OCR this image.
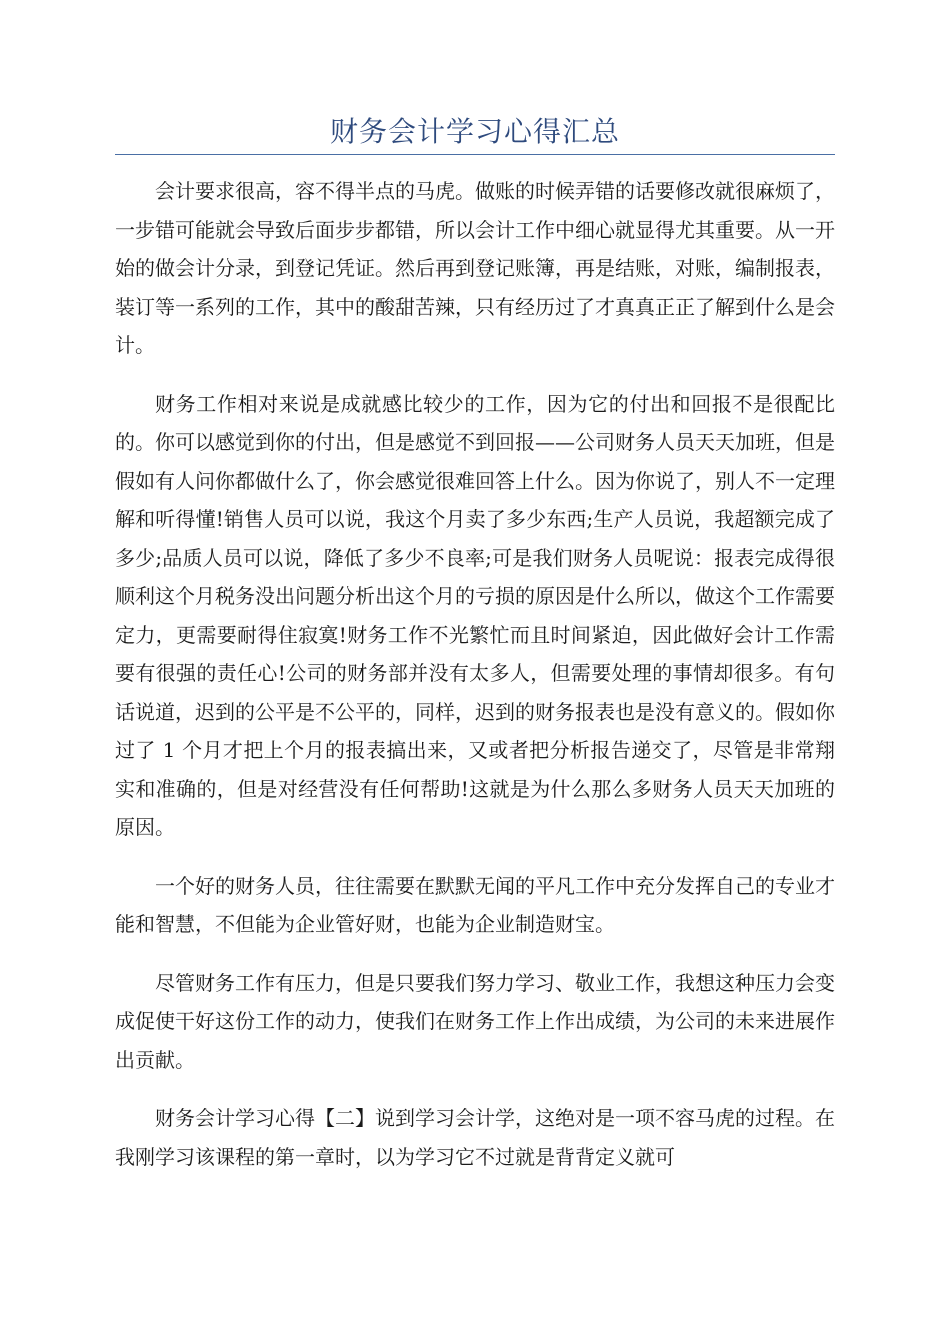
财务会计学习心得汇总

会计要求很高，容不得半点的马虎。做账的时候弄错的话要修改就很麻烦了，一步错可能就会导致后面步步都错，所以会计工作中细心就显得尤其重要。从一开始的做会计分录，到登记凭证。然后再到登记账簿，再是结账，对账，编制报表，装订等一系列的工作，其中的酸甜苦辣，只有经历过了才真真正正了解到什么是会计。

财务工作相对来说是成就感比较少的工作，因为它的付出和回报不是很配比的。你可以感觉到你的付出，但是感觉不到回报——公司财务人员天天加班，但是假如有人问你都做什么了，你会感觉很难回答上什么。因为你说了，别人不一定理解和听得懂!销售人员可以说，我这个月卖了多少东西;生产人员说，我超额完成了多少;品质人员可以说，降低了多少不良率;可是我们财务人员呢说：报表完成得很顺利这个月税务没出问题分析出这个月的亏损的原因是什么所以，做这个工作需要定力，更需要耐得住寂寞!财务工作不光繁忙而且时间紧迫，因此做好会计工作需要有很强的责任心!公司的财务部并没有太多人，但需要处理的事情却很多。有句话说道，迟到的公平是不公平的，同样，迟到的财务报表也是没有意义的。假如你过了 1 个月才把上个月的报表搞出来，又或者把分析报告递交了，尽管是非常翔实和准确的，但是对经营没有任何帮助!这就是为什么那么多财务人员天天加班的原因。

一个好的财务人员，往往需要在默默无闻的平凡工作中充分发挥自己的专业才能和智慧，不但能为企业管好财，也能为企业制造财宝。

尽管财务工作有压力，但是只要我们努力学习、敬业工作，我想这种压力会变成促使干好这份工作的动力，使我们在财务工作上作出成绩，为公司的未来进展作出贡献。

财务会计学习心得【二】说到学习会计学，这绝对是一项不容马虎的过程。在我刚学习该课程的第一章时，以为学习它不过就是背背定义就可
